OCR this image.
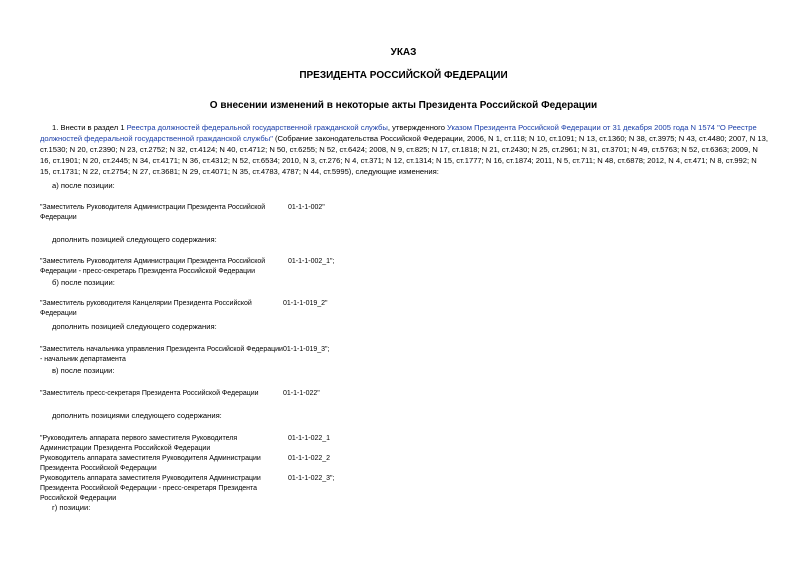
УКАЗ
ПРЕЗИДЕНТА РОССИЙСКОЙ ФЕДЕРАЦИИ
О внесении изменений в некоторые акты Президента Российской Федерации
1. Внести в раздел 1 Реестра должностей федеральной государственной гражданской службы, утвержденного Указом Президента Российской Федерации от 31 декабря 2005 года N 1574 "О Реестре должностей федеральной государственной гражданской службы" (Собрание законодательства Российской Федерации, 2006, N 1, ст.118; N 10, ст.1091; N 13, ст.1360; N 38, ст.3975; N 43, ст.4480; 2007, N 13, ст.1530; N 20, ст.2390; N 23, ст.2752; N 32, ст.4124; N 40, ст.4712; N 50, ст.6255; N 52, ст.6424; 2008, N 9, ст.825; N 17, ст.1818; N 21, ст.2430; N 25, ст.2961; N 31, ст.3701; N 49, ст.5763; N 52, ст.6363; 2009, N 16, ст.1901; N 20, ст.2445; N 34, ст.4171; N 36, ст.4312; N 52, ст.6534; 2010, N 3, ст.276; N 4, ст.371; N 12, ст.1314; N 15, ст.1777; N 16, ст.1874; 2011, N 5, ст.711; N 48, ст.6878; 2012, N 4, ст.471; N 8, ст.992; N 15, ст.1731; N 22, ст.2754; N 27, ст.3681; N 29, ст.4071; N 35, ст.4783, 4787; N 44, ст.5995), следующие изменения:
а) после позиции:
"Заместитель Руководителя Администрации Президента Российской Федерации
01-1-1-002"
дополнить позицией следующего содержания:
"Заместитель Руководителя Администрации Президента Российской Федерации - пресс-секретарь Президента Российской Федерации
01-1-1-002_1";
б) после позиции:
"Заместитель руководителя Канцелярии Президента Российской Федерации
01-1-1-019_2"
дополнить позицией следующего содержания:
"Заместитель начальника управления Президента Российской Федерации - начальник департамента
01-1-1-019_3";
в) после позиции:
"Заместитель пресс-секретаря Президента Российской Федерации	01-1-1-022"
дополнить позициями следующего содержания:
"Руководитель аппарата первого заместителя Руководителя Администрации Президента Российской Федерации
01-1-1-022_1
Руководитель аппарата заместителя Руководителя Администрации Президента Российской Федерации
01-1-1-022_2
Руководитель аппарата заместителя Руководителя Администрации Президента Российской Федерации - пресс-секретаря Президента Российской Федерации
01-1-1-022_3";
г) позиции:
